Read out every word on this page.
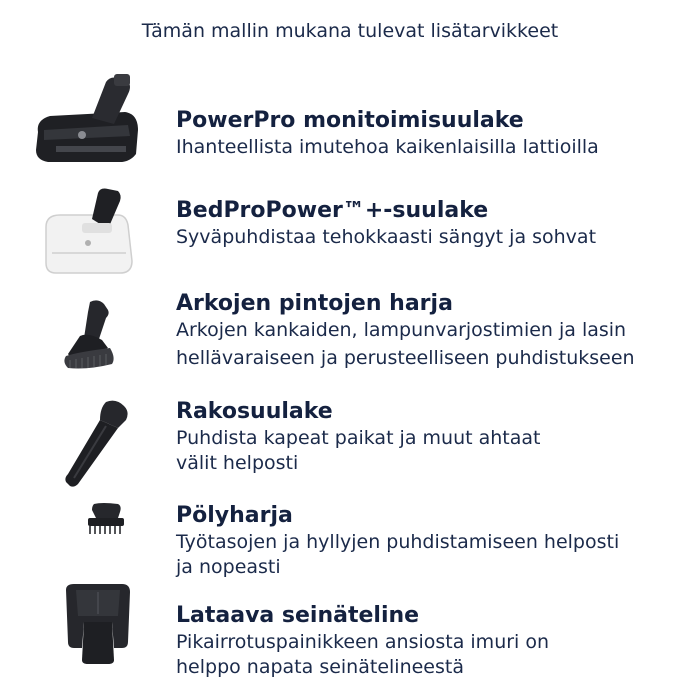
Tämän mallin mukana tulevat lisätarvikkeet
PowerPro monitoimisuulake
Ihanteellista imutehoa kaikenlaisilla lattioilla
BedProPower™+-suulake
Syväpuhdistaa tehokkaasti sängyt ja sohvat
Arkojen pintojen harja
Arkojen kankaiden, lampunvarjostimien ja lasin
hellävaraiseen ja perusteelliseen puhdistukseen
Rakosuulake
Puhdista kapeat paikat ja muut ahtaat
välit helposti
Pölyharja
Työtasojen ja hyllyjen puhdistamiseen helposti
ja nopeasti
Lataava seinäteline
Pikairrotuspainikkeen ansiosta imuri on
helppo napata seinätelineestä
